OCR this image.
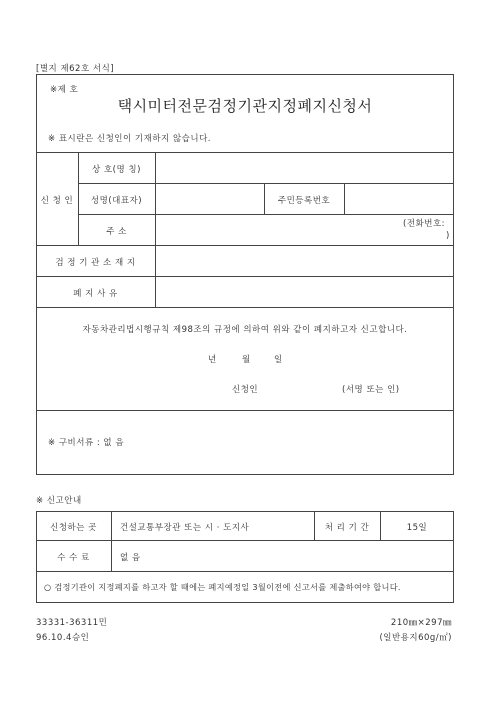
[별지 제62호 서식]
※제 호
택시미터전문검정기관지정폐지신청서
※ 표시란은 신청인이 기재하지 않습니다.
신 청 인
상 호(명 칭)
성명(대표자)	주민등록번호
주 소
(전화번호:
)
검 정 기 관 소 재 지
폐 지 사 유
자동차관리법시행규칙 제98조의 규정에 의하여 위와 같이 폐지하고자 신고합니다.
년	월	일
신청인	(서명 또는 인)
※ 구비서류 : 없 음
※ 신고안내
신청하는 곳	건설교통부장관 또는 시 · 도지사	처 리 기 간	15일
수 수 료	없 음
○ 검정기관이 지정폐지를 하고자 할 때에는 폐지예정일 3월이전에 신고서를 제출하여야 합니다.
33331-36311민
96.10.4승인
210㎜×297㎜
(일반용지60g/㎡)
